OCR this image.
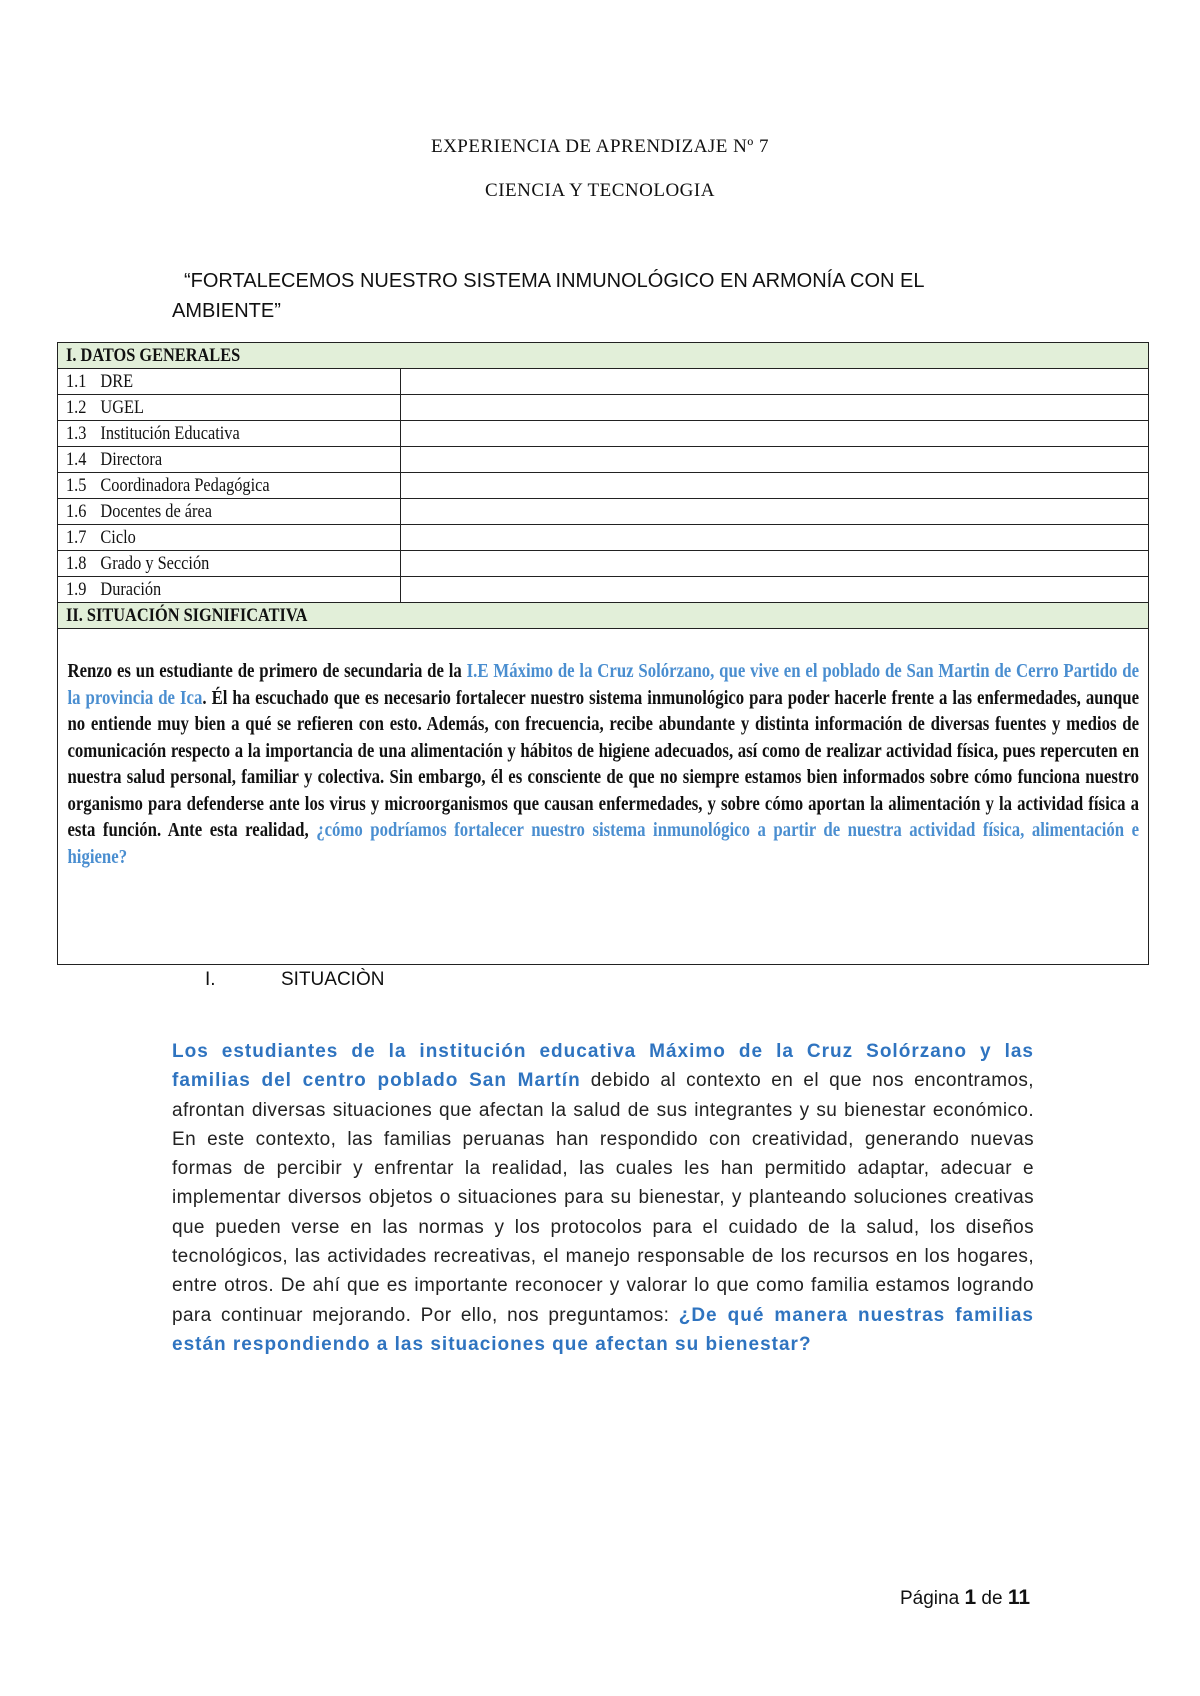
EXPERIENCIA DE APRENDIZAJE Nº 7
CIENCIA Y TECNOLOGIA
“FORTALECEMOS NUESTRO SISTEMA INMUNOLÓGICO EN ARMONÍA CON EL
AMBIENTE”
I. DATOS GENERALES	
1.1 DRE	
1.2 UGEL	
1.3 Institución Educativa	
1.4 Directora	
1.5 Coordinadora Pedagógica	
1.6 Docentes de área	
1.7 Ciclo	
1.8 Grado y Sección	
1.9 Duración	
II. SITUACIÓN SIGNIFICATIVA	

Renzo es un estudiante de primero de secundaria de la I.E Máximo de la Cruz Solórzano, que vive en el poblado de San Martin de Cerro Partido de la provincia de Ica. Él ha escuchado que es necesario fortalecer nuestro sistema inmunológico para poder hacerle frente a las enfermedades, aunque no entiende muy bien a qué se refieren con esto. Además, con frecuencia, recibe abundante y distinta información de diversas fuentes y medios de comunicación respecto a la importancia de una alimentación y hábitos de higiene adecuados, así como de realizar actividad física, pues repercuten en nuestra salud personal, familiar y colectiva. Sin embargo, él es consciente de que no siempre estamos bien informados sobre cómo funciona nuestro organismo para defenderse ante los virus y microorganismos que causan enfermedades, y sobre cómo aportan la alimentación y la actividad física a esta función. Ante esta realidad, ¿cómo podríamos fortalecer nuestro sistema inmunológico a partir de nuestra actividad física, alimentación e higiene?	
I.	SITUACIÒN
Los estudiantes de la institución educativa Máximo de la Cruz Solórzano y las familias del centro poblado San Martín debido al contexto en el que nos encontramos, afrontan diversas situaciones que afectan la salud de sus integrantes y su bienestar económico. En este contexto, las familias peruanas han respondido con creatividad, generando nuevas formas de percibir y enfrentar la realidad, las cuales les han permitido adaptar, adecuar e implementar diversos objetos o situaciones para su bienestar, y planteando soluciones creativas que pueden verse en las normas y los protocolos para el cuidado de la salud, los diseños tecnológicos, las actividades recreativas, el manejo responsable de los recursos en los hogares, entre otros. De ahí que es importante reconocer y valorar lo que como familia estamos logrando para continuar mejorando. Por ello, nos preguntamos: ¿De qué manera nuestras familias están respondiendo a las situaciones que afectan su bienestar?
Página 1 de 11
